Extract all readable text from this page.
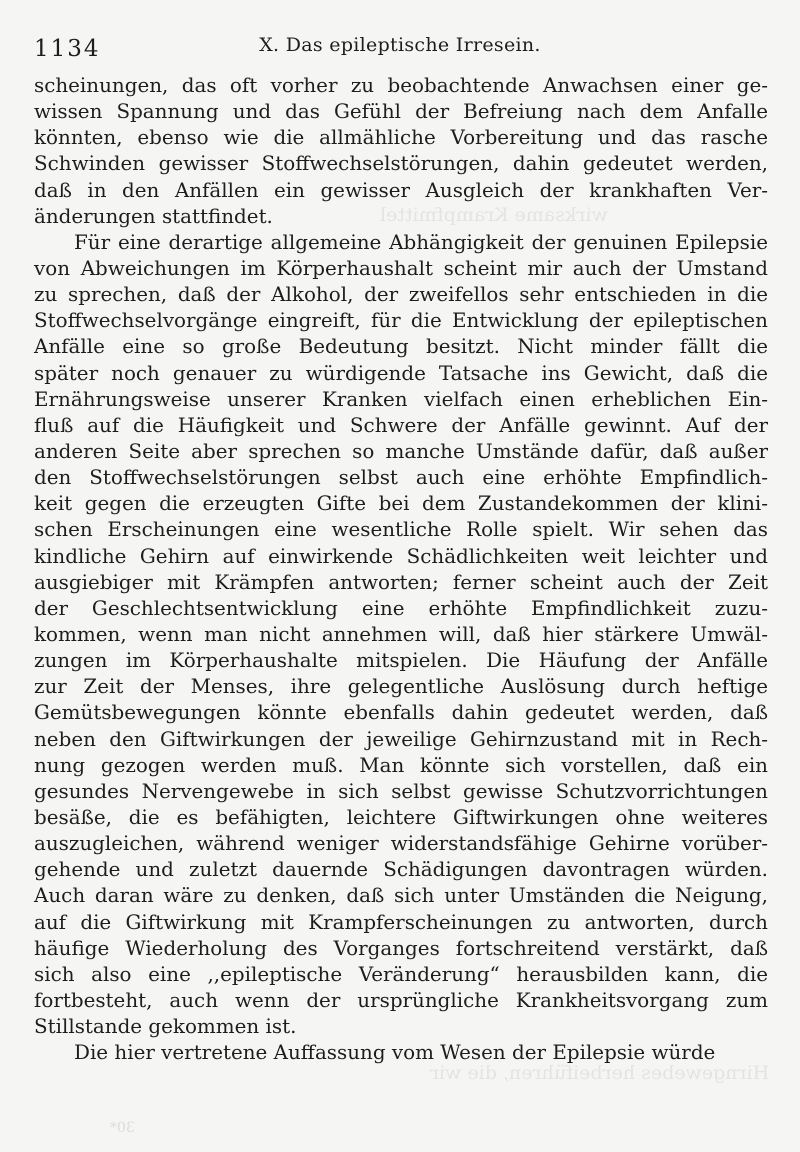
wirksame Krampfmittel
Hirngewebes herbeiführen, die wir
30*
1134	X. Das epileptische Irresein.
scheinungen, das oft vorher zu beobachtende Anwachsen einer ge-
wissen Spannung und das Gefühl der Befreiung nach dem Anfalle
könnten, ebenso wie die allmähliche Vorbereitung und das rasche
Schwinden gewisser Stoffwechselstörungen, dahin gedeutet werden,
daß in den Anfällen ein gewisser Ausgleich der krankhaften Ver-
änderungen stattfindet.
Für eine derartige allgemeine Abhängigkeit der genuinen Epilepsie
von Abweichungen im Körperhaushalt scheint mir auch der Umstand
zu sprechen, daß der Alkohol, der zweifellos sehr entschieden in die
Stoffwechselvorgänge eingreift, für die Entwicklung der epileptischen
Anfälle eine so große Bedeutung besitzt. Nicht minder fällt die
später noch genauer zu würdigende Tatsache ins Gewicht, daß die
Ernährungsweise unserer Kranken vielfach einen erheblichen Ein-
fluß auf die Häufigkeit und Schwere der Anfälle gewinnt. Auf der
anderen Seite aber sprechen so manche Umstände dafür, daß außer
den Stoffwechselstörungen selbst auch eine erhöhte Empfindlich-
keit gegen die erzeugten Gifte bei dem Zustandekommen der klini-
schen Erscheinungen eine wesentliche Rolle spielt. Wir sehen das
kindliche Gehirn auf einwirkende Schädlichkeiten weit leichter und
ausgiebiger mit Krämpfen antworten; ferner scheint auch der Zeit
der Geschlechtsentwicklung eine erhöhte Empfindlichkeit zuzu-
kommen, wenn man nicht annehmen will, daß hier stärkere Umwäl-
zungen im Körperhaushalte mitspielen. Die Häufung der Anfälle
zur Zeit der Menses, ihre gelegentliche Auslösung durch heftige
Gemütsbewegungen könnte ebenfalls dahin gedeutet werden, daß
neben den Giftwirkungen der jeweilige Gehirnzustand mit in Rech-
nung gezogen werden muß. Man könnte sich vorstellen, daß ein
gesundes Nervengewebe in sich selbst gewisse Schutzvorrichtungen
besäße, die es befähigten, leichtere Giftwirkungen ohne weiteres
auszugleichen, während weniger widerstandsfähige Gehirne vorüber-
gehende und zuletzt dauernde Schädigungen davontragen würden.
Auch daran wäre zu denken, daß sich unter Umständen die Neigung,
auf die Giftwirkung mit Krampferscheinungen zu antworten, durch
häufige Wiederholung des Vorganges fortschreitend verstärkt, daß
sich also eine ,,epileptische Veränderung“ herausbilden kann, die
fortbesteht, auch wenn der ursprüngliche Krankheitsvorgang zum
Stillstande gekommen ist.
Die hier vertretene Auffassung vom Wesen der Epilepsie würde
